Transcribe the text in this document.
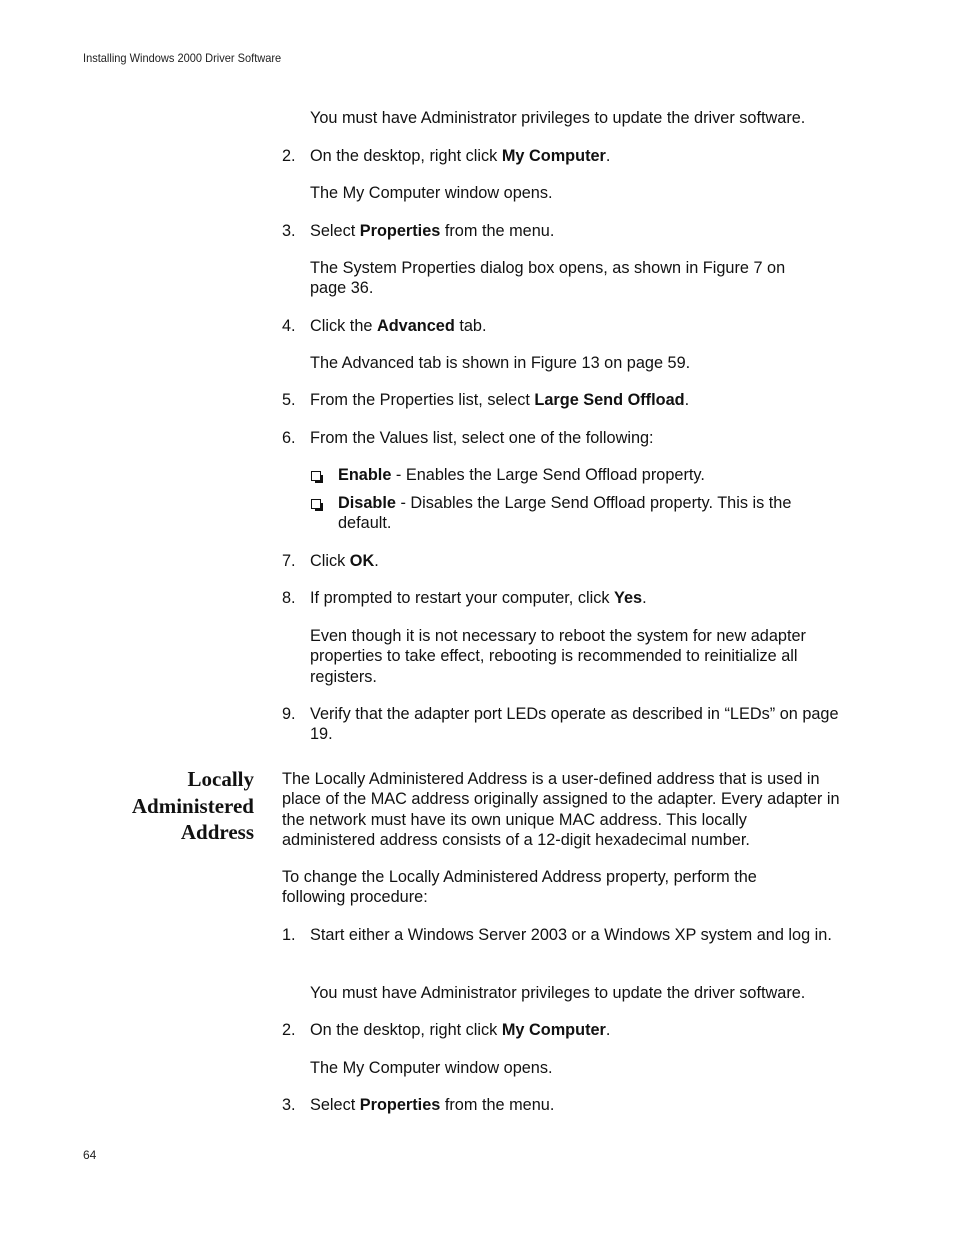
Installing Windows 2000 Driver Software
You must have Administrator privileges to update the driver software.
2. On the desktop, right click My Computer.
The My Computer window opens.
3. Select Properties from the menu.
The System Properties dialog box opens, as shown in Figure 7 on page 36.
4. Click the Advanced tab.
The Advanced tab is shown in Figure 13 on page 59.
5. From the Properties list, select Large Send Offload.
6. From the Values list, select one of the following:
Enable - Enables the Large Send Offload property.
Disable - Disables the Large Send Offload property. This is the default.
7. Click OK.
8. If prompted to restart your computer, click Yes.
Even though it is not necessary to reboot the system for new adapter properties to take effect, rebooting is recommended to reinitialize all registers.
9. Verify that the adapter port LEDs operate as described in “LEDs” on page 19.
Locally
Administered
Address
The Locally Administered Address is a user-defined address that is used in place of the MAC address originally assigned to the adapter. Every adapter in the network must have its own unique MAC address. This locally administered address consists of a 12-digit hexadecimal number.
To change the Locally Administered Address property, perform the following procedure:
1. Start either a Windows Server 2003 or a Windows XP system and log in.
You must have Administrator privileges to update the driver software.
2. On the desktop, right click My Computer.
The My Computer window opens.
3. Select Properties from the menu.
64
